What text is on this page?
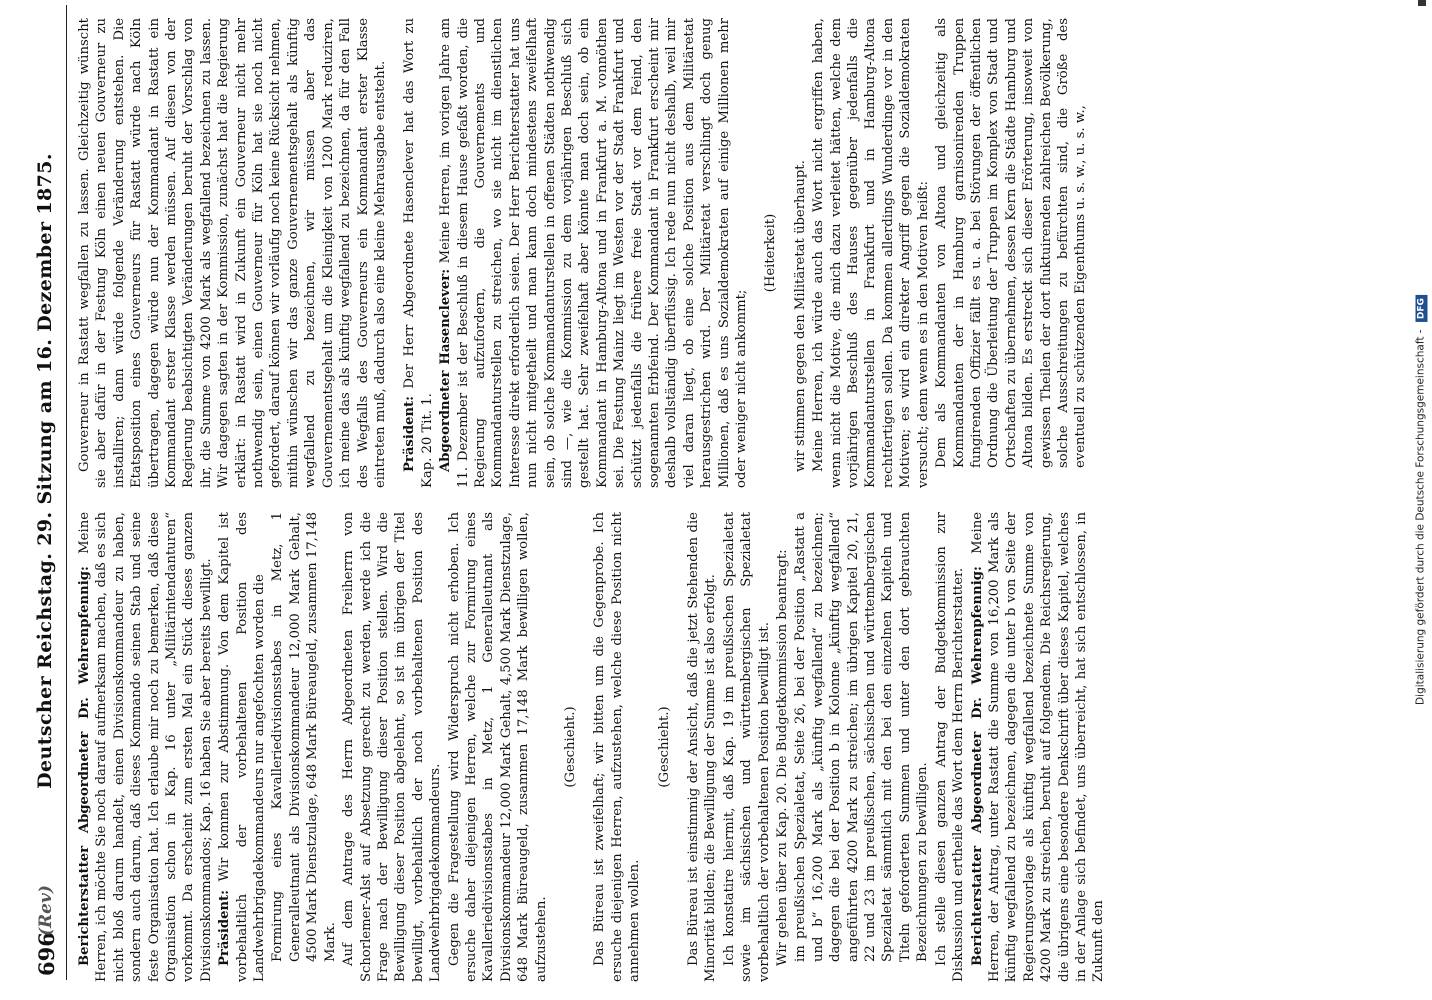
696
(Rev)
Deutscher Reichstag. 29. Sitzung am 16. Dezember 1875. Berichterstatter Abgeordneter Dr. Wehrenpfennig: Meine Herren, ich möchte Sie noch darauf aufmerksam machen, daß es sich nicht bloß darum handelt, einen Divisionskommandeur zu haben, sondern auch darum, daß dieses Kommando seinen Stab und seine feste Organisation hat. Ich erlaube mir noch zu bemerken, daß diese Organisation schon in Kap. 16 unter „Militärintendanturen“ vorkommt. Da erscheint zum ersten Mal ein Stück dieses ganzen Divisionskommandos; Kap. 16 haben Sie aber bereits bewilligt. Präsident: Wir kommen zur Abstimmung. Von dem Kapitel ist vorbehaltlich der vorbehaltenen Position des Landwehrbrigadekommandeurs nur angefochten worden die Formirung eines Kavalleriedivisionsstabes in Metz, 1 Generalleutnant als Divisionskommandeur 12,000 Mark Gehalt, 4500 Mark Dienstzulage, 648 Mark Büreaugeld, zusammen 17,148 Mark. Auf dem Antrage des Herrn Abgeordneten Freiherrn von Schorlemer-Alst auf Absetzung gerecht zu werden, werde ich die Frage nach der Bewilligung dieser Position stellen. Wird die Bewilligung dieser Position abgelehnt, so ist im übrigen der Titel bewilligt, vorbehaltlich der noch vorbehaltenen Position des Landwehrbrigadekommandeurs. Gegen die Fragestellung wird Widerspruch nicht erhoben. Ich ersuche daher diejenigen Herren, welche zur Formirung eines Kavalleriedivisionsstabes in Metz, 1 Generalleutnant als Divisionskommandeur 12,000 Mark Gehalt, 4,500 Mark Dienstzulage, 648 Mark Büreaugeld, zusammen 17,148 Mark bewilligen wollen, aufzustehen.

(Geschieht.) Das Büreau ist zweifelhaft; wir bitten um die Gegenprobe. Ich ersuche diejenigen Herren, aufzustehen, welche diese Position nicht annehmen wollen.

(Geschieht.) Das Büreau ist einstimmig der Ansicht, daß die jetzt Stehenden die Minorität bilden; die Bewilligung der Summe ist also erfolgt. Ich konstatire hiermit, daß Kap. 19 im preußischen Spezialetat sowie im sächsischen und württembergischen Spezialetat vorbehaltlich der vorbehaltenen Position bewilligt ist. Wir gehen über zu Kap. 20. Die Budgetkommission beantragt: im preußischen Spezialetat, Seite 26, bei der Position „Rastatt a und b“ 16,200 Mark als „künftig wegfallend“ zu bezeichnen; dagegen die bei der Position b in Kolonne „künftig wegfallend“ angeführten 4200 Mark zu streichen; im übrigen Kapitel 20, 21, 22 und 23 im preußischen, sächsischen und württembergischen Spezialetat sämmtlich mit den bei den einzelnen Kapiteln und Titeln geforderten Summen und unter den dort gebrauchten Bezeichnungen zu bewilligen. Ich stelle diesen ganzen Antrag der Budgetkommission zur Diskussion und ertheile das Wort dem Herrn Berichterstatter. Berichterstatter Abgeordneter Dr. Wehrenpfennig: Meine Herren, der Antrag, unter Rastatt die Summe von 16,200 Mark als künftig wegfallend zu bezeichnen, dagegen die unter b von Seite der Regierungsvorlage als künftig wegfallend bezeichnete Summe von 4200 Mark zu streichen, beruht auf folgendem. Die Reichsregierung, die übrigens eine besondere Denkschrift über dieses Kapitel, welches in der Anlage sich befindet, uns überreicht, hat sich entschlossen, in Zukunft den

Gouverneur in Rastatt wegfallen zu lassen. Gleichzeitig wünscht sie aber dafür in der Festung Köln einen neuen Gouverneur zu installiren; dann würde folgende Veränderung entstehen. Die Etatsposition eines Gouverneurs für Rastatt würde nach Köln übertragen, dagegen würde nun der Kommandant in Rastatt ein Kommandant erster Klasse werden müssen. Auf diesen von der Regierung beabsichtigten Veränderungen beruht der Vorschlag von ihr, die Summe von 4200 Mark als wegfallend bezeichnen zu lassen. Wir dagegen sagten in der Kommission, zunächst hat die Regierung erklärt: in Rastatt wird in Zukunft ein Gouverneur nicht mehr nothwendig sein, einen Gouverneur für Köln hat sie noch nicht gefordert, darauf können wir vorläufig noch keine Rücksicht nehmen, mithin wünschen wir das ganze Gouvernementsgehalt als künftig wegfallend zu bezeichnen, wir müssen aber das Gouvernementsgehalt um die Kleinigkeit von 1200 Mark reduziren, ich meine das als künftig wegfallend zu bezeichnen, da für den Fall des Wegfalls des Gouverneurs ein Kommandant erster Klasse eintreten muß, dadurch also eine kleine Mehrausgabe entsteht. Präsident: Der Herr Abgeordnete Hasenclever hat das Wort zu Kap. 20 Tit. 1. Abgeordneter Hasenclever: Meine Herren, im vorigen Jahre am 11. Dezember ist der Beschluß in diesem Hause gefaßt worden, die Regierung aufzufordern, die Gouvernements und Kommandanturstellen zu streichen, wo sie nicht im dienstlichen Interesse direkt erforderlich seien. Der Herr Berichterstatter hat uns nun nicht mitgetheilt und man kann doch mindestens zweifelhaft sein, ob solche Kommandanturstellen in offenen Städten nothwendig sind —, wie die Kommission zu dem vorjährigen Beschluß sich gestellt hat. Sehr zweifelhaft aber könnte man doch sein, ob ein Kommandant in Hamburg-Altona und in Frankfurt a. M. vonnöthen sei. Die Festung Mainz liegt im Westen vor der Stadt Frankfurt und schützt jedenfalls die frühere freie Stadt vor dem Feind, den sogenannten Erbfeind. Der Kommandant in Frankfurt erscheint mir deshalb vollständig überflüssig. Ich rede nun nicht deshalb, weil mir viel daran liegt, ob eine solche Position aus dem Militäretat herausgestrichen wird. Der Militäretat verschlingt doch genug Millionen, daß es uns Sozialdemokraten auf einige Millionen mehr oder weniger nicht ankommt;

(Heiterkeit) wir stimmen gegen den Militäretat überhaupt. Meine Herren, ich würde auch das Wort nicht ergriffen haben, wenn nicht die Motive, die mich dazu verleitet hätten, welche dem vorjährigen Beschluß des Hauses gegenüber jedenfalls die Kommandanturstellen in Frankfurt und in Hamburg-Altona rechtfertigen sollen. Da kommen allerdings Wunderdinge vor in den Motiven; es wird ein direkter Angriff gegen die Sozialdemokraten versucht; denn wenn es in den Motiven heißt: Dem als Kommandanten von Altona und gleichzeitig als Kommandanten der in Hamburg garnisonirenden Truppen fungirenden Offizier fällt es u. a. bei Störungen der öffentlichen Ordnung die Überleitung der Truppen im Komplex von Stadt und Ortschaften zu übernehmen, dessen Kern die Städte Hamburg und Altona bilden. Es erstreckt sich dieser Erörterung, insoweit von gewissen Theilen der dort fluktuirenden zahlreichen Bevölkerung, solche Ausschreitungen zu befürchten sind, die Größe des eventuell zu schützenden Eigenthums u. s. w., u. s. w.,

Digitalisierung gefördert durch die Deutsche Forschungsgemeinschaft - DFG
